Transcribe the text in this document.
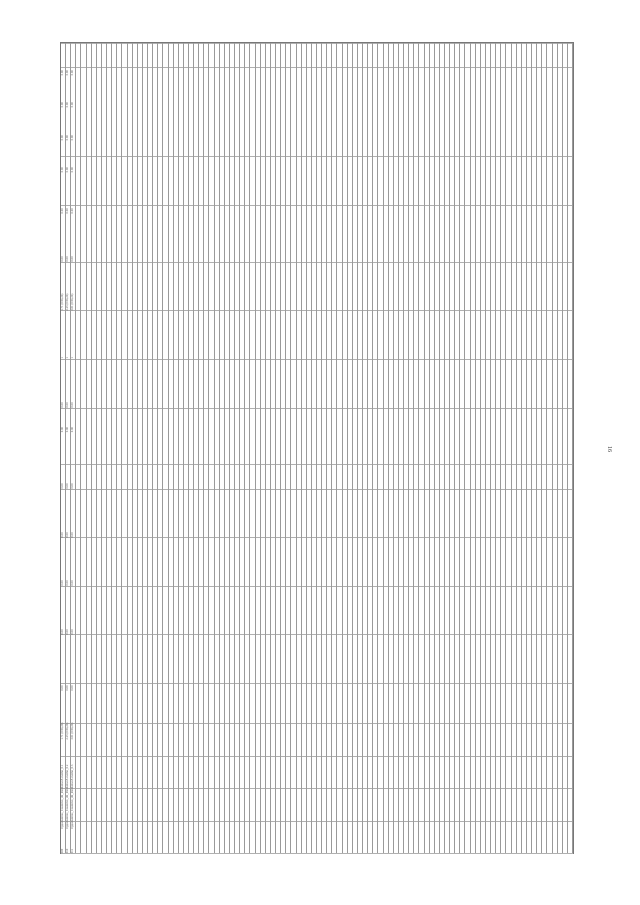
009
Opportunities_Countries_dli_Zimbabwe/Lesotho_0.1
1.71 (0.96,26)
0.00
0.00
0.00
0.00
0.00
0.00
0.00
1
1.71 (0.96,26)
0.00
0.00
0.00
0.00
0.00
0.00
010
Opportunities_Countries_dli_Zimbabwe/Lesotho_0.2
2.25 (0.96,26)
0.00
0.00
0.00
0.00
0.00
0.00
0.00
1
2.25 (0.96,26)
0.00
0.00
0.00
0.00
0.00
0.00
011
Opportunities_Countries_dli_Zimbabwe/Lesotho_0.3
3.01 (0.96,26)
0.00
0.00
0.00
0.00
0.00
0.00
0.00
1
3.01 (0.96,26)
0.00
0.00
0.00
0.00
0.00
0.00
16
